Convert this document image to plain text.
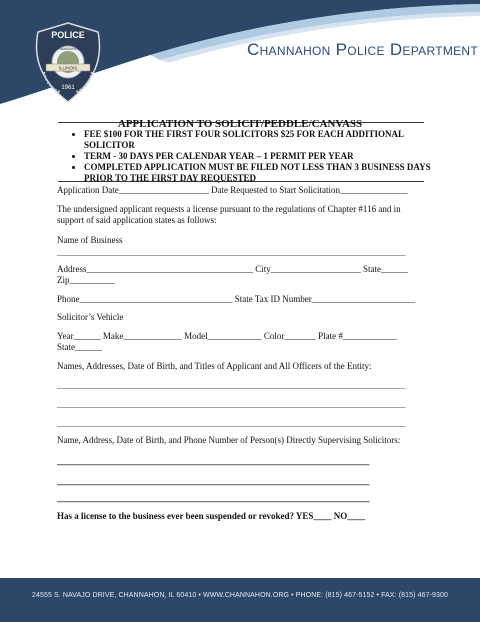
POLICE
CHANNAHON
ILLINOIS
1961
Channahon Police Department
APPLICATION TO SOLICIT/PEDDLE/CANVASS
• FEE $100 FOR THE FIRST FOUR SOLICITORS $25 FOR EACH ADDITIONAL SOLICITOR
• TERM - 30 DAYS PER CALENDAR YEAR – 1 PERMIT PER YEAR
• COMPLETED APPLICATION MUST BE FILED NOT LESS THAN 3 BUSINESS DAYS PRIOR TO THE FIRST DAY REQUESTED
Application Date____________________ Date Requested to Start Solicitation_______________
The undersigned applicant requests a license pursuant to the regulations of Chapter #116 and in support of said application states as follows:
Name of Business
_______________________________________________________________________________________
Address_____________________________________ City____________________ State______
Zip__________
Phone__________________________________ State Tax ID Number_______________________
Solicitor’s Vehicle
Year______ Make_____________ Model____________ Color_______ Plate #____________
State______
Names, Addresses, Date of Birth, and Titles of Applicant and All Officers of the Entity:
_______________________________________________________________________________________
_______________________________________________________________________________________
_______________________________________________________________________________________
Name, Address, Date of Birth, and Phone Number of Person(s) Directly Supervising Solicitors:
______________________________________________________________________________
______________________________________________________________________________
______________________________________________________________________________
Has a license to the business ever been suspended or revoked? YES____ NO____
24555 S. NAVAJO DRIVE, CHANNAHON, IL 60410 • WWW.CHANNAHON.ORG • PHONE: (815) 467-5152 • FAX: (815) 467-9300
